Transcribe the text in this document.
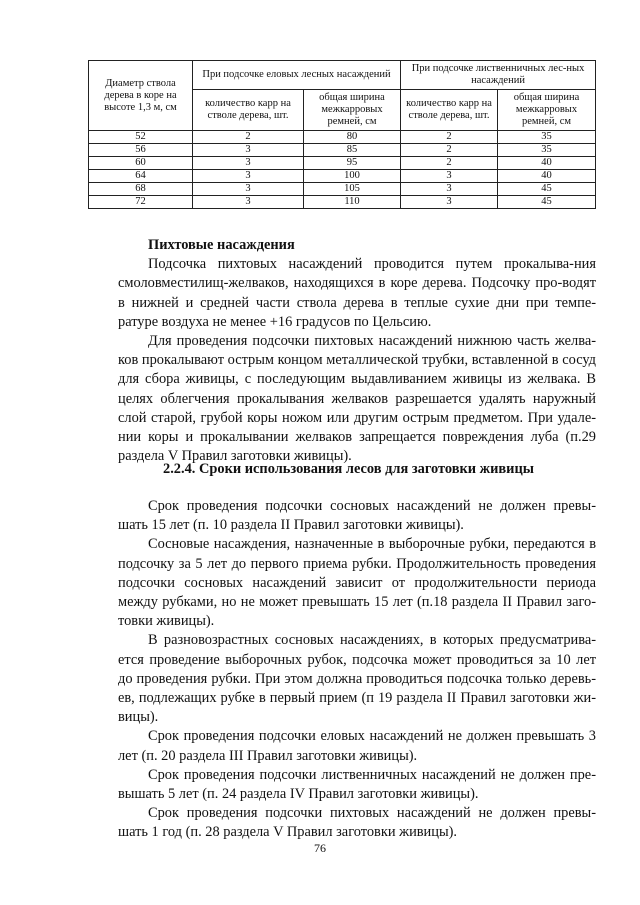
Диаметр ствола дерева в коре на высоте 1,3 м, см	При подсочке еловых лесных насаждений		При подсочке лиственничных лес-ных насаждений	
	количество карр на стволе дерева, шт.	общая ширина межкарровых ремней, см	количество карр на стволе дерева, шт.	общая ширина межкарровых ремней, см
52	2	80	2	35
56	3	85	2	35
60	3	95	2	40
64	3	100	3	40
68	3	105	3	45
72	3	110	3	45

Пихтовые насаждения

Подсочка пихтовых насаждений проводится путем прокалыва-ния смоловместилищ-желваков, находящихся в коре дерева. Подсочку про-водят в нижней и средней части ствола дерева в теплые сухие дни при темпе-ратуре воздуха не менее +16 градусов по Цельсию.

Для проведения подсочки пихтовых насаждений нижнюю часть желва-ков прокалывают острым концом металлической трубки, вставленной в сосуд для сбора живицы, с последующим выдавливанием живицы из желвака. В целях облегчения прокалывания желваков разрешается удалять наружный слой старой, грубой коры ножом или другим острым предметом. При удале-нии коры и прокалывании желваков запрещается повреждения луба (п.29 раздела V Правил заготовки живицы).

2.2.4. Сроки использования лесов для заготовки живицы

Срок проведения подсочки сосновых насаждений не должен превы-шать 15 лет (п. 10 раздела II Правил заготовки живицы).

Сосновые насаждения, назначенные в выборочные рубки, передаются в подсочку за 5 лет до первого приема рубки. Продолжительность проведения подсочки сосновых насаждений зависит от продолжительности периода между рубками, но не может превышать 15 лет (п.18 раздела II Правил заго-товки живицы).

В разновозрастных сосновых насаждениях, в которых предусматрива-ется проведение выборочных рубок, подсочка может проводиться за 10 лет до проведения рубки. При этом должна проводиться подсочка только деревь-ев, подлежащих рубке в первый прием (п 19 раздела II Правил заготовки жи-вицы).

Срок проведения подсочки еловых насаждений не должен превышать 3 лет (п. 20 раздела III Правил заготовки живицы).

Срок проведения подсочки лиственничных насаждений не должен пре-вышать 5 лет (п. 24 раздела IV Правил заготовки живицы).

Срок проведения подсочки пихтовых насаждений не должен превы-шать 1 год (п. 28 раздела V Правил заготовки живицы).

76
